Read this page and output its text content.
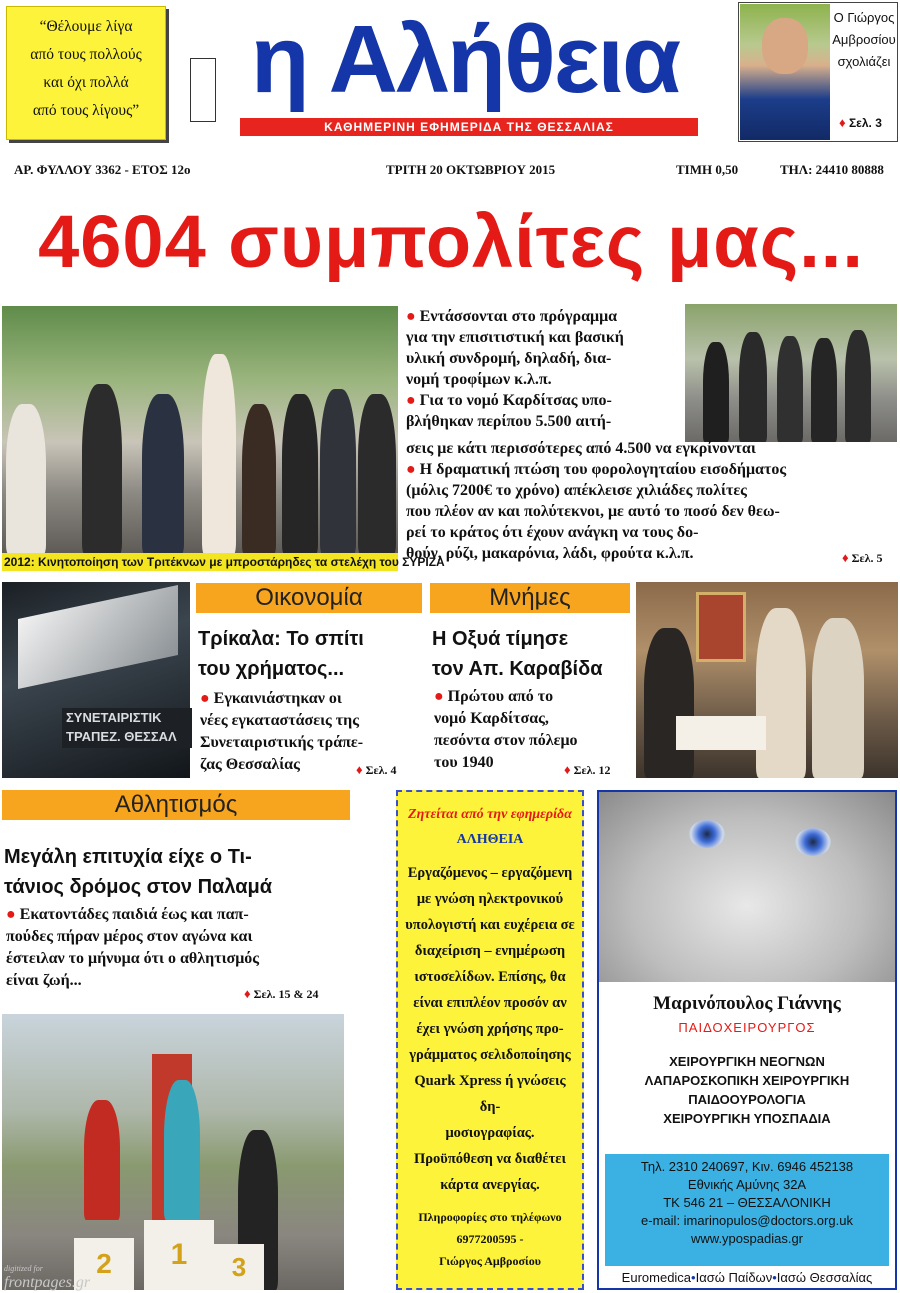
“Θέλουμε λίγα
από τους πολλούς
και όχι πολλά
από τους λίγους” η Αλήθεια
ΚΑΘΗΜΕΡΙΝΗ ΕΦΗΜΕΡΙΔΑ ΤΗΣ ΘΕΣΣΑΛΙΑΣ
Ο Γιώργος
Αμβροσίου
σχολιάζει
♦ Σελ. 3
ΑΡ. ΦΥΛΛΟΥ 3362 - ΕΤΟΣ 12ο	ΤΡΙΤΗ 20 ΟΚΤΩΒΡΙΟΥ 2015	ΤΙΜΗ 0,50	ΤΗΛ: 24410 80888
4604 συμπολίτες μας...
2012: Κινητοποίηση των Τριτέκνων με μπροστάρηδες τα στελέχη του ΣΥΡΙΖΑ
● Εντάσσονται στο πρόγραμμα
για την επισιτιστική και βασική
υλική συνδρομή, δηλαδή, δια-
νομή τροφίμων κ.λ.π.
● Για το νομό Καρδίτσας υπο-
βλήθηκαν περίπου 5.500 αιτή-
σεις με κάτι περισσότερες από 4.500 να εγκρίνονται
● Η δραματική πτώση του φορολογηταίου εισοδήματος
(μόλις 7200€ το χρόνο) απέκλεισε χιλιάδες πολίτες
που πλέον αν και πολύτεκνοι, με αυτό το ποσό δεν θεω-
ρεί το κράτος ότι έχουν ανάγκη να τους δο-
θούν, ρύζι, μακαρόνια, λάδι, φρούτα κ.λ.π.	♦ Σελ. 5
ΣΥΝΕΤΑΙΡΙΣΤΙΚ
ΤΡΑΠΕΖ. ΘΕΣΣΑΛ
Οικονομία
Τρίκαλα: Το σπίτι
του χρήματος...
● Εγκαινιάστηκαν οι
νέες εγκαταστάσεις της
Συνεταιριστικής τράπε-
ζας Θεσσαλίας	♦ Σελ. 4
Μνήμες
Η Οξυά τίμησε
τον Απ. Καραβίδα
● Πρώτου από το
νομό Καρδίτσας,
πεσόντα στον πόλεμο
του 1940	♦ Σελ. 12
Αθλητισμός
Μεγάλη επιτυχία είχε ο Τι-
τάνιος δρόμος στον Παλαμά
● Εκατοντάδες παιδιά έως και παπ-
πούδες πήραν μέρος στον αγώνα και
έστειλαν το μήνυμα ότι ο αθλητισμός
είναι ζωή...
♦ Σελ. 15 & 24
2	1	3
Ζητείται από την εφημερίδα
ΑΛΗΘΕΙΑ
Εργαζόμενος – εργαζόμενη
με γνώση ηλεκτρονικού
υπολογιστή και ευχέρεια σε
διαχείριση – ενημέρωση
ιστοσελίδων. Επίσης, θα
είναι επιπλέον προσόν αν
έχει γνώση χρήσης προ-
γράμματος σελιδοποίησης
Quark Xpress ή γνώσεις δη-
μοσιογραφίας.
Προϋπόθεση να διαθέτει
κάρτα ανεργίας.
Πληροφορίες στο τηλέφωνο 6977200595 -
Γιώργος Αμβροσίου
Μαρινόπουλος Γιάννης
ΠΑΙΔΟΧΕΙΡΟΥΡΓΟΣ
ΧΕΙΡΟΥΡΓΙΚΗ ΝΕΟΓΝΩΝ
ΛΑΠΑΡΟΣΚΟΠΙΚΗ ΧΕΙΡΟΥΡΓΙΚΗ
ΠΑΙΔΟΟΥΡΟΛΟΓΙΑ
ΧΕΙΡΟΥΡΓΙΚΗ ΥΠΟΣΠΑΔΙΑ
Τηλ. 2310 240697, Κιν. 6946 452138
Εθνικής Αμύνης 32Α
ΤΚ 546 21 – ΘΕΣΣΑΛΟΝΙΚΗ
e-mail: imarinopulos@doctors.org.uk
www.ypospadias.gr
Euromedica•Ιασώ Παίδων•Ιασώ Θεσσαλίας
digitized for
frontpages.gr
